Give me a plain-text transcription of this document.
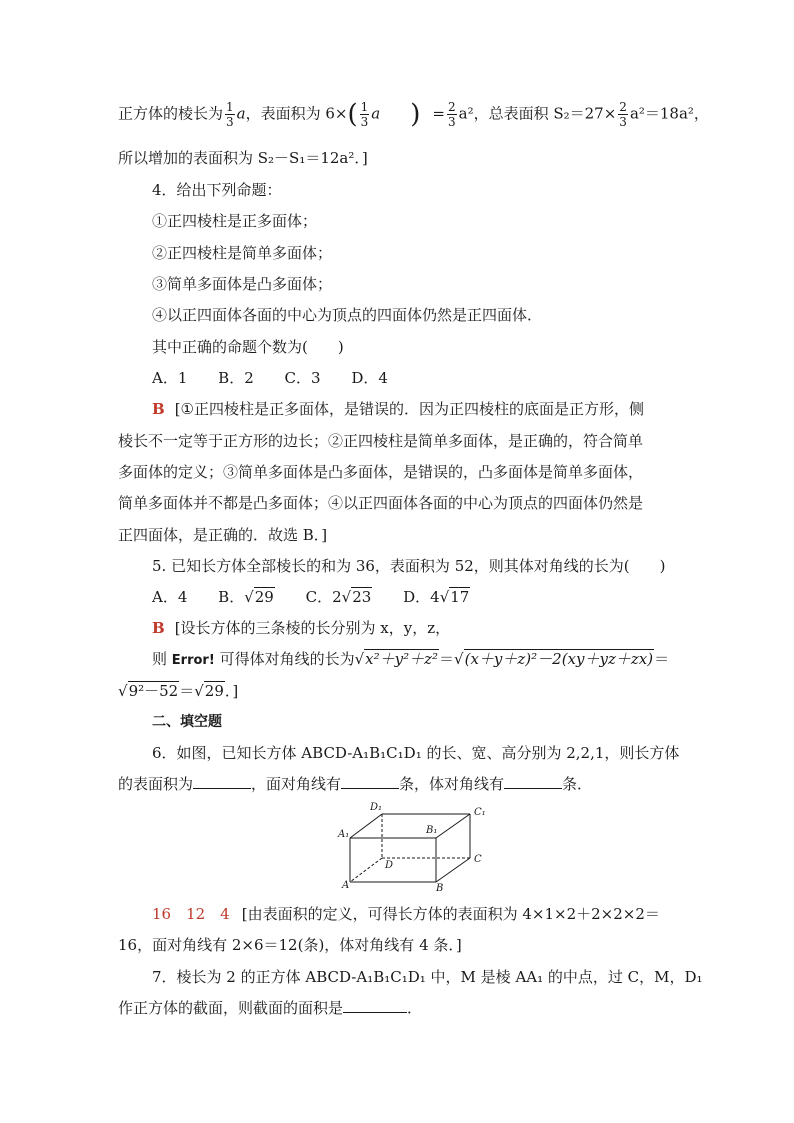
正方体的棱长为 $\frac{1}{3}$ a，表面积为 $6\times( \frac{1}{3}$ a ) = $\frac{2}{3} a^2$，总表面积 $S_2=27\times \frac{2}{3} a^2=18a^2$，
所以增加的表面积为 S₂－S₁＝12a²．]
4．给出下列命题：
①正四棱柱是正多面体；
②正四棱柱是简单多面体；
③简单多面体是凸多面体；
④以正四面体各面的中心为顶点的四面体仍然是正四面体．
其中正确的命题个数为(　　)
A．1 B．2 C．3 D．4
B [①正四棱柱是正多面体，是错误的．因为正四棱柱的底面是正方形，侧
棱长不一定等于正方形的边长；②正四棱柱是简单多面体，是正确的，符合简单
多面体的定义；③简单多面体是凸多面体，是错误的，凸多面体是简单多面体，
简单多面体并不都是凸多面体；④以正四面体各面的中心为顶点的四面体仍然是
正四面体，是正确的．故选 B．]
5. 已知长方体全部棱长的和为 36，表面积为 52，则其体对角线的长为(　　)
A．4 B．√29 C．2√23 D．4√17
B [设长方体的三条棱的长分别为 x，y，z，
则 Error! 可得体对角线的长为√x²＋y²＋z²＝√(x＋y＋z)²－2(xy＋yz＋zx)＝
√9²－52＝√29．]
二、填空题
6．如图，已知长方体 ABCD-A₁B₁C₁D₁ 的长、宽、高分别为 2,2,1，则长方体
的表面积为	，面对角线有	条，体对角线有	条．
A₁
D₁	C₁
B₁
D
C
A	B
16　12　4 [由表面积的定义，可得长方体的表面积为 4×1×2＋2×2×2＝
16，面对角线有 2×6＝12(条)，体对角线有 4 条．]
7．棱长为 2 的正方体 ABCD-A₁B₁C₁D₁ 中，M 是棱 AA₁ 的中点，过 C，M，D₁
作正方体的截面，则截面的面积是	．
